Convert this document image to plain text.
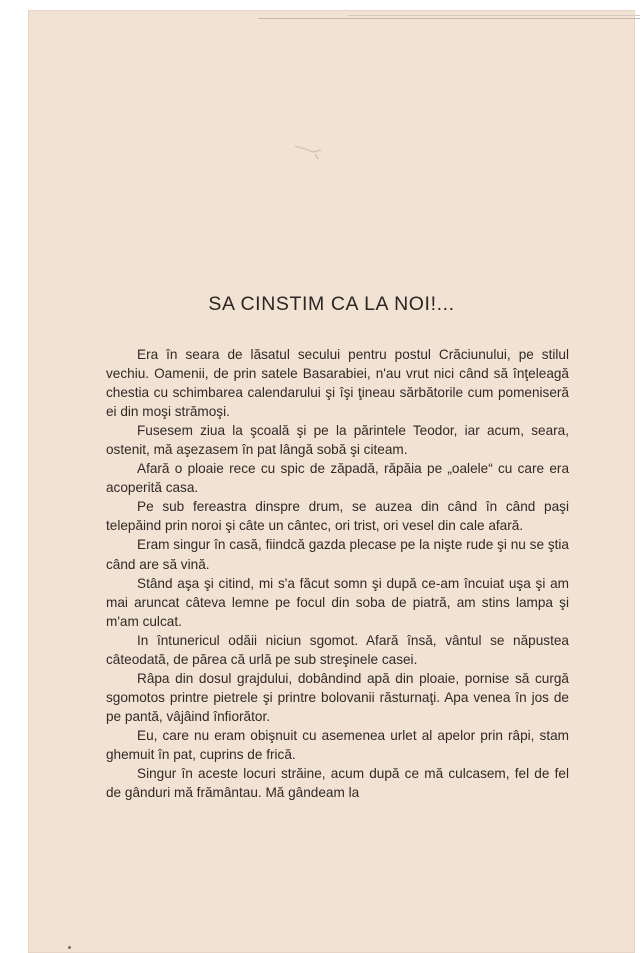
SA CINSTIM CA LA NOI!...

Era în seara de lăsatul secului pentru postul Crăciunului, pe stilul vechiu. Oamenii, de prin satele Basarabiei, n'au vrut nici când să înţeleagă chestia cu schimbarea calendarului şi îşi ţineau sărbătorile cum pomeniseră ei din moşi strămoşi.

Fusesem ziua la şcoală şi pe la părintele Teodor, iar acum, seara, ostenit, mă aşezasem în pat lângă sobă şi citeam.

Afară o ploaie rece cu spic de zăpadă, răpăia pe „oalele“ cu care era acoperită casa.

Pe sub fereastra dinspre drum, se auzea din când în când paşi telepăind prin noroi şi câte un cântec, ori trist, ori vesel din cale afară.

Eram singur în casă, fiindcă gazda plecase pe la nişte rude şi nu se ştia când are să vină.

Stând aşa şi citind, mi s'a făcut somn şi după ce-am încuiat uşa şi am mai aruncat câteva lemne pe focul din soba de piatră, am stins lampa şi m'am culcat.

In întunericul odăii niciun sgomot. Afară însă, vântul se năpustea câteodată, de părea că urlă pe sub streşinele casei.

Râpa din dosul grajdului, dobândind apă din ploaie, pornise să curgă sgomotos printre pietrele şi printre bolovanii răsturnaţi. Apa venea în jos de pe pantă, vâjâind înfiorător.

Eu, care nu eram obişnuit cu asemenea urlet al apelor prin râpi, stam ghemuit în pat, cuprins de frică.

Singur în aceste locuri străine, acum după ce mă culcasem, fel de fel de gânduri mă frământau. Mă gândeam la
